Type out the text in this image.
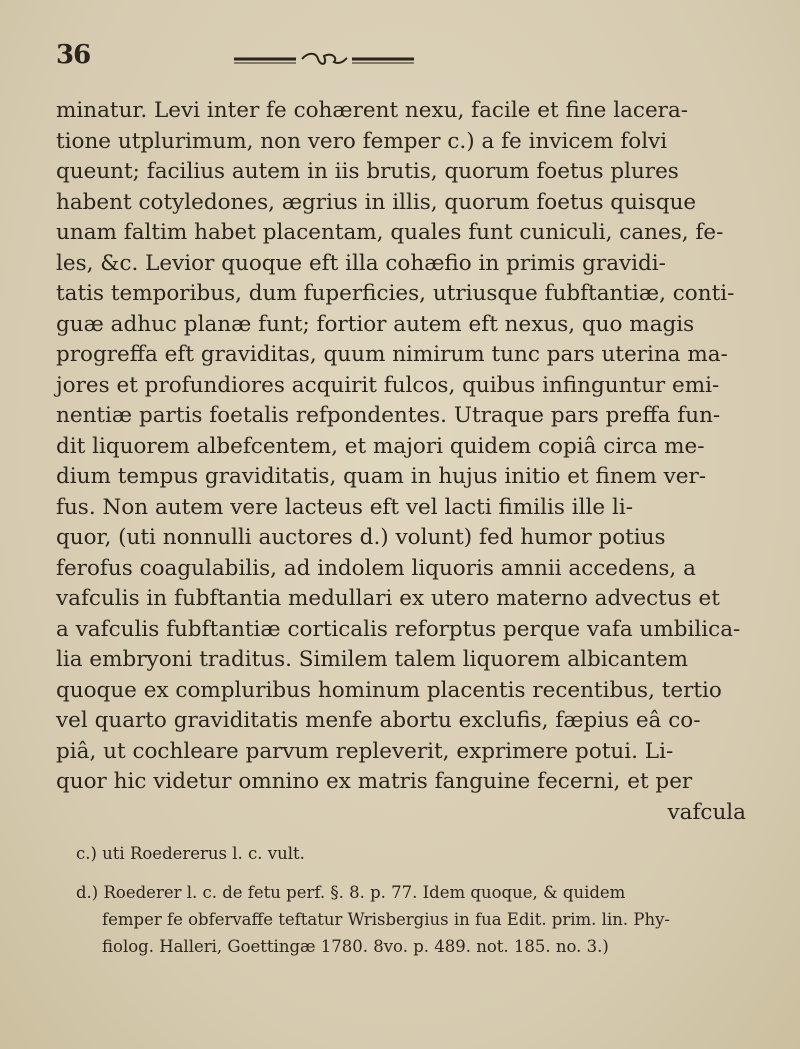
36
minatur. Levi inter fe cohærent nexu, facile et fine lacera-
tione utplurimum, non vero femper c.) a fe invicem folvi
queunt; facilius autem in iis brutis, quorum foetus plures
habent cotyledones, ægrius in illis, quorum foetus quisque
unam faltim habet placentam, quales funt cuniculi, canes, fe-
les, &c. Levior quoque eft illa cohæfio in primis gravidi-
tatis temporibus, dum fuperficies, utriusque fubftantiæ, conti-
guæ adhuc planæ funt; fortior autem eft nexus, quo magis
progreffa eft graviditas, quum nimirum tunc pars uterina ma-
jores et profundiores acquirit fulcos, quibus infinguntur emi-
nentiæ partis foetalis refpondentes. Utraque pars preffa fun-
dit liquorem albefcentem, et majori quidem copiâ circa me-
dium tempus graviditatis, quam in hujus initio et finem ver-
fus. Non autem vere lacteus eft vel lacti fimilis ille li-
quor, (uti nonnulli auctores d.) volunt) fed humor potius
ferofus coagulabilis, ad indolem liquoris amnii accedens, a
vafculis in fubftantia medullari ex utero materno advectus et
a vafculis fubftantiæ corticalis reforptus perque vafa umbilica-
lia embryoni traditus. Similem talem liquorem albicantem
quoque ex compluribus hominum placentis recentibus, tertio
vel quarto graviditatis menfe abortu exclufis, fæpius eâ co-
piâ, ut cochleare parvum repleverit, exprimere potui. Li-
quor hic videtur omnino ex matris fanguine fecerni, et per
vafcula
c.) uti Roedererus l. c. vult.
d.) Roederer l. c. de fetu perf. §. 8. p. 77. Idem quoque, & quidem
femper fe obfervaffe teftatur Wrisbergius in fua Edit. prim. lin. Phy-
fiolog. Halleri, Goettingæ 1780. 8vo. p. 489. not. 185. no. 3.)
